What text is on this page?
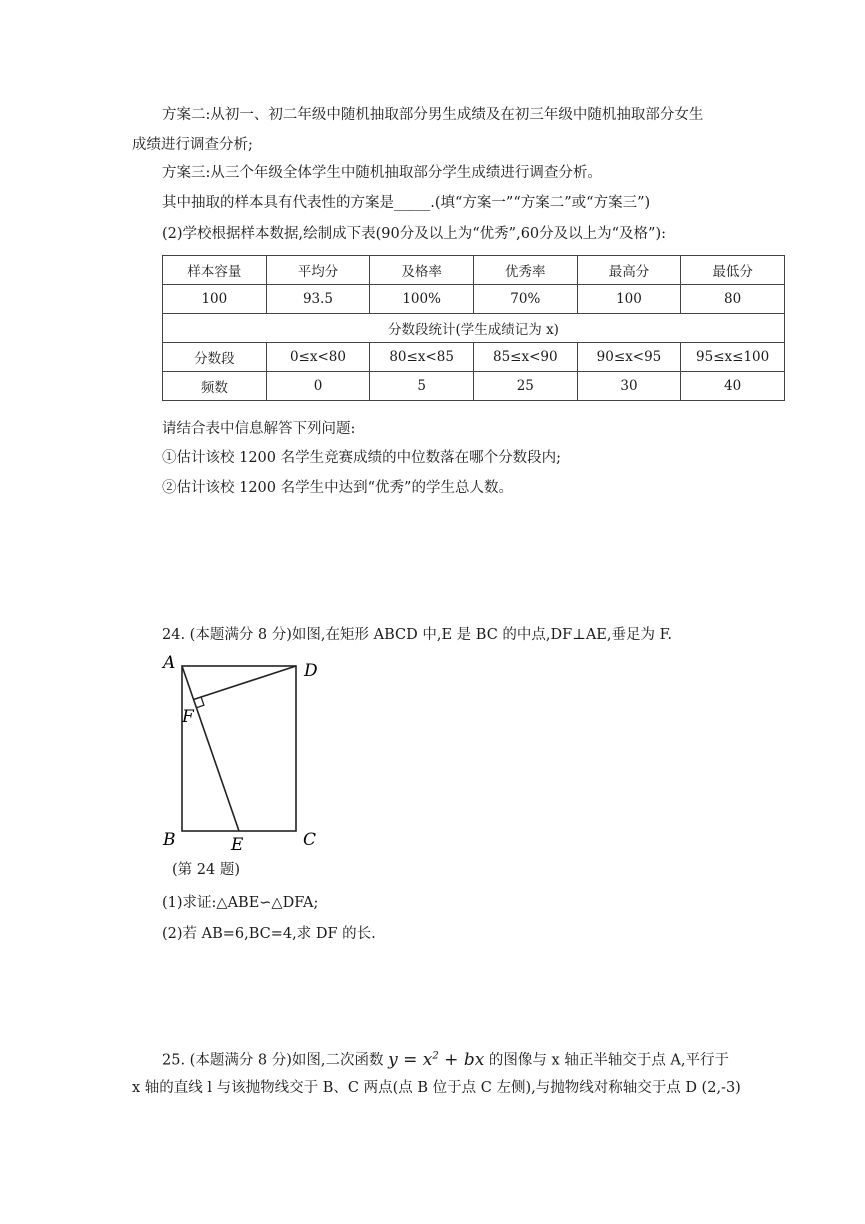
方案二:从初一、初二年级中随机抽取部分男生成绩及在初三年级中随机抽取部分女生
成绩进行调查分析;
方案三:从三个年级全体学生中随机抽取部分学生成绩进行调查分析。
其中抽取的样本具有代表性的方案是_____.(填“方案一”“方案二”或“方案三”)
(2)学校根据样本数据,绘制成下表(90分及以上为“优秀”,60分及以上为“及格”):
样本容量	平均分	及格率	优秀率	最高分	最低分
100	93.5	100%	70%	100	80
分数段统计(学生成绩记为 x)					
分数段	0≤x<80	80≤x<85	85≤x<90	90≤x<95	95≤x≤100
频数	0	5	25	30	40
请结合表中信息解答下列问题:
①估计该校 1200 名学生竞赛成绩的中位数落在哪个分数段内;
②估计该校 1200 名学生中达到“优秀”的学生总人数。
24. (本题满分 8 分)如图,在矩形 ABCD 中,E 是 BC 的中点,DF⊥AE,垂足为 F.
A	D
F
B	E	C
(第 24 题)
(1)求证:△ABE∽△DFA;
(2)若 AB=6,BC=4,求 DF 的长.
25. (本题满分 8 分)如图,二次函数 $y = x^2$ + bx 的图像与 x 轴正半轴交于点 A,平行于
x 轴的直线 l 与该抛物线交于 B、C 两点(点 B 位于点 C 左侧),与抛物线对称轴交于点 D (2,-3)
